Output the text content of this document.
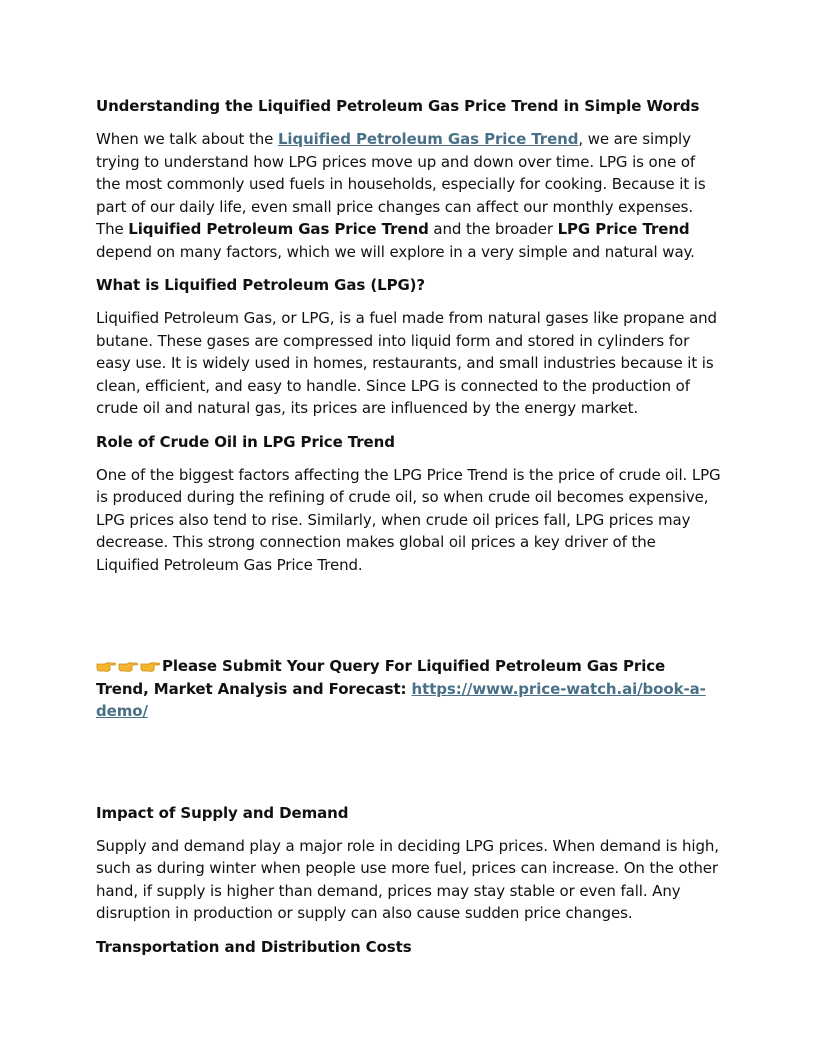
Understanding the Liquified Petroleum Gas Price Trend in Simple Words

When we talk about the Liquified Petroleum Gas Price Trend, we are simply trying to understand how LPG prices move up and down over time. LPG is one of the most commonly used fuels in households, especially for cooking. Because it is part of our daily life, even small price changes can affect our monthly expenses. The Liquified Petroleum Gas Price Trend and the broader LPG Price Trend depend on many factors, which we will explore in a very simple and natural way.

What is Liquified Petroleum Gas (LPG)?

Liquified Petroleum Gas, or LPG, is a fuel made from natural gases like propane and butane. These gases are compressed into liquid form and stored in cylinders for easy use. It is widely used in homes, restaurants, and small industries because it is clean, efficient, and easy to handle. Since LPG is connected to the production of crude oil and natural gas, its prices are influenced by the energy market.

Role of Crude Oil in LPG Price Trend

One of the biggest factors affecting the LPG Price Trend is the price of crude oil. LPG is produced during the refining of crude oil, so when crude oil becomes expensive, LPG prices also tend to rise. Similarly, when crude oil prices fall, LPG prices may decrease. This strong connection makes global oil prices a key driver of the Liquified Petroleum Gas Price Trend.

Please Submit Your Query For Liquified Petroleum Gas Price Trend, Market Analysis and Forecast: https://www.price-watch.ai/book-a-demo/

Impact of Supply and Demand

Supply and demand play a major role in deciding LPG prices. When demand is high, such as during winter when people use more fuel, prices can increase. On the other hand, if supply is higher than demand, prices may stay stable or even fall. Any disruption in production or supply can also cause sudden price changes.

Transportation and Distribution Costs
